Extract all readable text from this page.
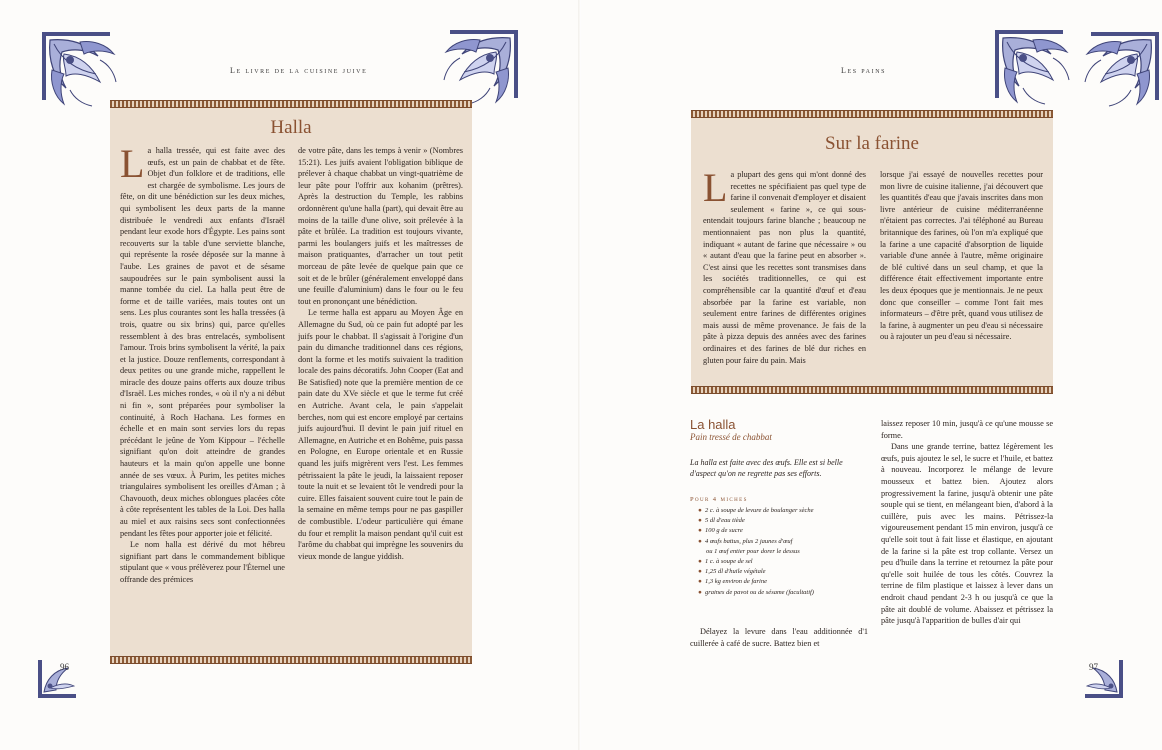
Le livre de la cuisine juive
96
Halla

La halla tressée, qui est faite avec des œufs, est un pain de chabbat et de fête. Objet d'un folklore et de traditions, elle est chargée de symbolisme. Les jours de fête, on dit une bénédiction sur les deux miches, qui symbolisent les deux parts de la manne distribuée le vendredi aux enfants d'Israël pendant leur exode hors d'Égypte. Les pains sont recouverts sur la table d'une serviette blanche, qui représente la rosée déposée sur la manne à l'aube. Les graines de pavot et de sésame saupoudrées sur le pain symbolisent aussi la manne tombée du ciel. La halla peut être de forme et de taille variées, mais toutes ont un sens. Les plus courantes sont les halla tressées (à trois, quatre ou six brins) qui, parce qu'elles ressemblent à des bras entrelacés, symbolisent l'amour. Trois brins symbolisent la vérité, la paix et la justice. Douze renflements, correspondant à deux petites ou une grande miche, rappellent le miracle des douze pains offerts aux douze tribus d'Israël. Les miches rondes, « où il n'y a ni début ni fin », sont préparées pour symboliser la continuité, à Roch Hachana. Les formes en échelle et en main sont servies lors du repas précédant le jeûne de Yom Kippour – l'échelle signifiant qu'on doit atteindre de grandes hauteurs et la main qu'on appelle une bonne année de ses vœux. À Purim, les petites miches triangulaires symbolisent les oreilles d'Aman ; à Chavouoth, deux miches oblongues placées côte à côte représentent les tables de la Loi. Des halla au miel et aux raisins secs sont confectionnées pendant les fêtes pour apporter joie et félicité.

Le nom halla est dérivé du mot hébreu signifiant part dans le commandement biblique stipulant que « vous prélèverez pour l'Éternel une offrande des prémices

de votre pâte, dans les temps à venir » (Nombres 15:21). Les juifs avaient l'obligation biblique de prélever à chaque chabbat un vingt-quatrième de leur pâte pour l'offrir aux kohanim (prêtres). Après la destruction du Temple, les rabbins ordonnèrent qu'une halla (part), qui devait être au moins de la taille d'une olive, soit prélevée à la pâte et brûlée. La tradition est toujours vivante, parmi les boulangers juifs et les maîtresses de maison pratiquantes, d'arracher un tout petit morceau de pâte levée de quelque pain que ce soit et de le brûler (généralement enveloppé dans une feuille d'aluminium) dans le four ou le feu tout en prononçant une bénédiction.

Le terme halla est apparu au Moyen Âge en Allemagne du Sud, où ce pain fut adopté par les juifs pour le chabbat. Il s'agissait à l'origine d'un pain du dimanche traditionnel dans ces régions, dont la forme et les motifs suivaient la tradition locale des pains décoratifs. John Cooper (Eat and Be Satisfied) note que la première mention de ce pain date du XVe siècle et que le terme fut créé en Autriche. Avant cela, le pain s'appelait berches, nom qui est encore employé par certains juifs aujourd'hui. Il devint le pain juif rituel en Allemagne, en Autriche et en Bohême, puis passa en Pologne, en Europe orientale et en Russie quand les juifs migrèrent vers l'est. Les femmes pétrissaient la pâte le jeudi, la laissaient reposer toute la nuit et se levaient tôt le vendredi pour la cuire. Elles faisaient souvent cuire tout le pain de la semaine en même temps pour ne pas gaspiller de combustible. L'odeur particulière qui émane du four et remplit la maison pendant qu'il cuit est l'arôme du chabbat qui imprègne les souvenirs du vieux monde de langue yiddish.

Les pains
97
Sur la farine

La plupart des gens qui m'ont donné des recettes ne spécifiaient pas quel type de farine il convenait d'employer et disaient seulement « farine », ce qui sous-entendait toujours farine blanche ; beaucoup ne mentionnaient pas non plus la quantité, indiquant « autant de farine que nécessaire » ou « autant d'eau que la farine peut en absorber ». C'est ainsi que les recettes sont transmises dans les sociétés traditionnelles, ce qui est compréhensible car la quantité d'œuf et d'eau absorbée par la farine est variable, non seulement entre farines de différentes origines mais aussi de même provenance. Je fais de la pâte à pizza depuis des années avec des farines ordinaires et des farines de blé dur riches en gluten pour faire du pain. Mais

lorsque j'ai essayé de nouvelles recettes pour mon livre de cuisine italienne, j'ai découvert que les quantités d'eau que j'avais inscrites dans mon livre antérieur de cuisine méditerranéenne n'étaient pas correctes. J'ai téléphoné au Bureau britannique des farines, où l'on m'a expliqué que la farine a une capacité d'absorption de liquide variable d'une année à l'autre, même originaire de blé cultivé dans un seul champ, et que la différence était effectivement importante entre les deux époques que je mentionnais. Je ne peux donc que conseiller – comme l'ont fait mes informateurs – d'être prêt, quand vous utilisez de la farine, à augmenter un peu d'eau si nécessaire ou à rajouter un peu d'eau si nécessaire.

La halla
Pain tressé de chabbat
La halla est faite avec des œufs. Elle est si belle d'aspect qu'on ne regrette pas ses efforts.
Pour 4 miches
● 2 c. à soupe de levure de boulanger sèche
● 5 dl d'eau tiède
● 100 g de sucre
● 4 œufs battus, plus 2 jaunes d'œuf
ou 1 œuf entier pour dorer le dessus
● 1 c. à soupe de sel
● 1,25 dl d'huile végétale
● 1,3 kg environ de farine
● graines de pavot ou de sésame (facultatif)

Délayez la levure dans l'eau additionnée d'1 cuillerée à café de sucre. Battez bien et

laissez reposer 10 min, jusqu'à ce qu'une mousse se forme.

Dans une grande terrine, battez légèrement les œufs, puis ajoutez le sel, le sucre et l'huile, et battez à nouveau. Incorporez le mélange de levure mousseux et battez bien. Ajoutez alors progressivement la farine, jusqu'à obtenir une pâte souple qui se tient, en mélangeant bien, d'abord à la cuillère, puis avec les mains. Pétrissez-la vigoureusement pendant 15 min environ, jusqu'à ce qu'elle soit tout à fait lisse et élastique, en ajoutant de la farine si la pâte est trop collante. Versez un peu d'huile dans la terrine et retournez la pâte pour qu'elle soit huilée de tous les côtés. Couvrez la terrine de film plastique et laissez à lever dans un endroit chaud pendant 2-3 h ou jusqu'à ce que la pâte ait doublé de volume. Abaissez et pétrissez la pâte jusqu'à l'apparition de bulles d'air qui
